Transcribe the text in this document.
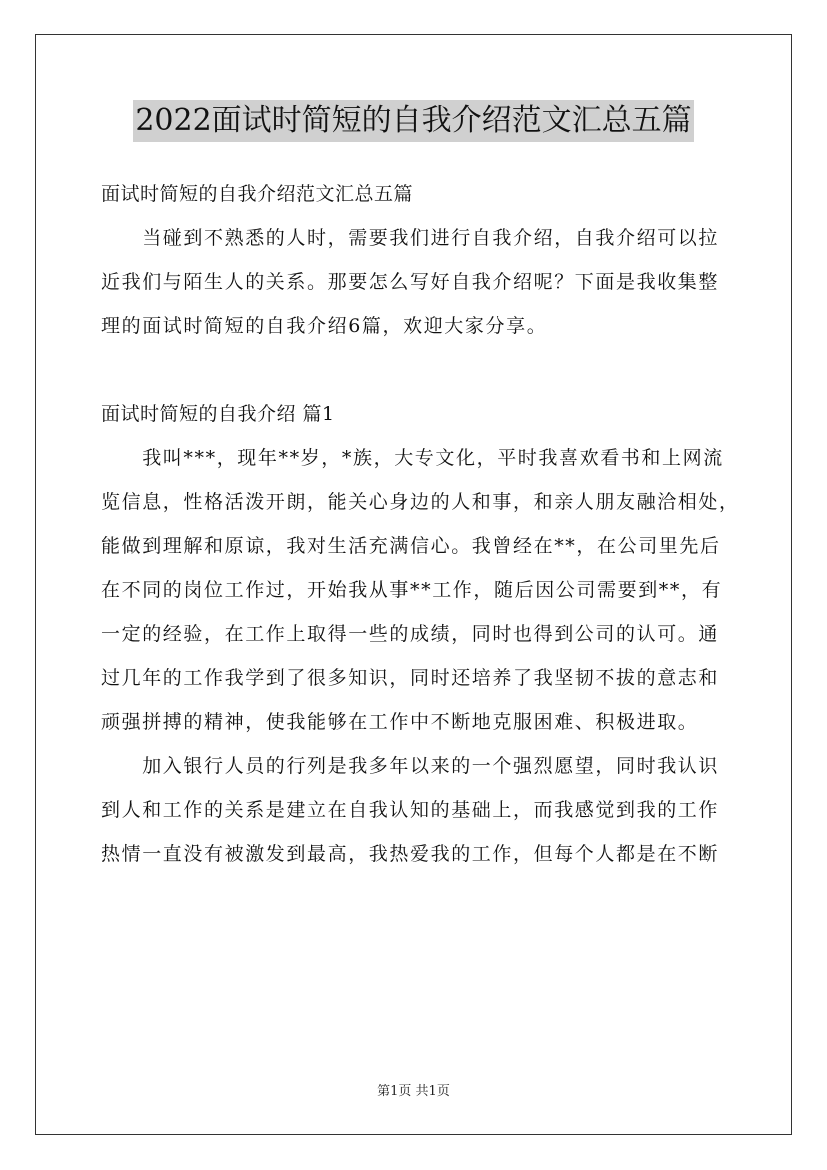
2022面试时简短的自我介绍范文汇总五篇
面试时简短的自我介绍范文汇总五篇
　　当碰到不熟悉的人时，需要我们进行自我介绍，自我介绍可以拉
近我们与陌生人的关系。那要怎么写好自我介绍呢？下面是我收集整
理的面试时简短的自我介绍6篇，欢迎大家分享。
面试时简短的自我介绍 篇1
　　我叫***，现年**岁，*族，大专文化，平时我喜欢看书和上网流
览信息，性格活泼开朗，能关心身边的人和事，和亲人朋友融洽相处，
能做到理解和原谅，我对生活充满信心。我曾经在**，在公司里先后
在不同的岗位工作过，开始我从事**工作，随后因公司需要到**，有
一定的经验，在工作上取得一些的成绩，同时也得到公司的认可。通
过几年的工作我学到了很多知识，同时还培养了我坚韧不拔的意志和
顽强拼搏的精神，使我能够在工作中不断地克服困难、积极进取。
　　加入银行人员的行列是我多年以来的一个强烈愿望，同时我认识
到人和工作的关系是建立在自我认知的基础上，而我感觉到我的工作
热情一直没有被激发到最高，我热爱我的工作，但每个人都是在不断
第1页 共1页
